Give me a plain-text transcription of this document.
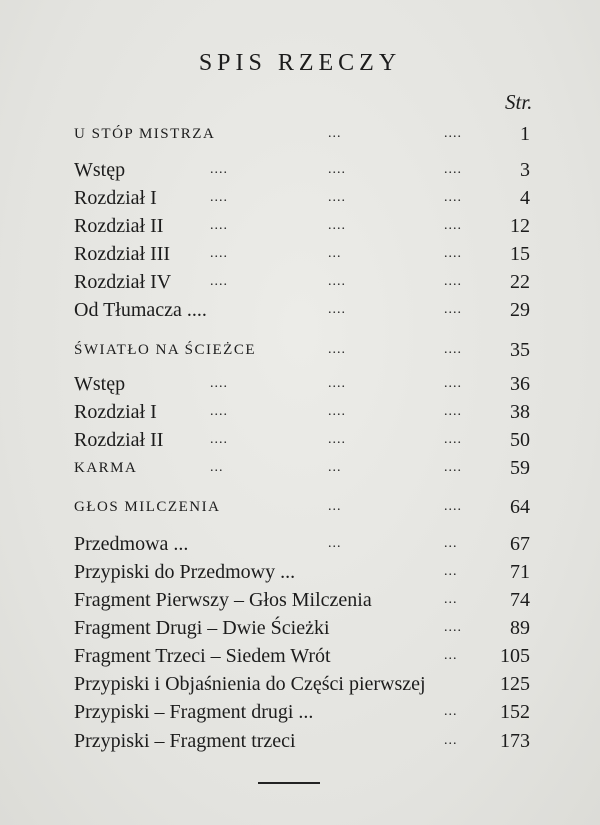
SPIS RZECZY
Str.
U STÓP MISTRZA	...	....	1
Wstęp	....	....	....	3
Rozdział I	....	....	....	4
Rozdział II	....	....	.... 12
Rozdział III	....	...	.... 15
Rozdział IV	....	....	.... 22
Od Tłumacza ....	....	.... 29
ŚWIATŁO NA ŚCIEŻCE	....	.... 35
Wstęp	....	....	.... 36
Rozdział I	....	....	.... 38
Rozdział II	....	....	.... 50
KARMA	...	...	.... 59
GŁOS MILCZENIA	...	.... 64
Przedmowa ...	...	...	67
Przypiski do Przedmowy ...	...	71
Fragment Pierwszy – Głos Milczenia	...	74
Fragment Drugi – Dwie Ścieżki	.... 89
Fragment Trzeci – Siedem Wrót	... 105
Przypiski i Objaśnienia do Części pierwszej	125
Przypiski – Fragment drugi ...	... 152
Przypiski – Fragment trzeci	... 173
